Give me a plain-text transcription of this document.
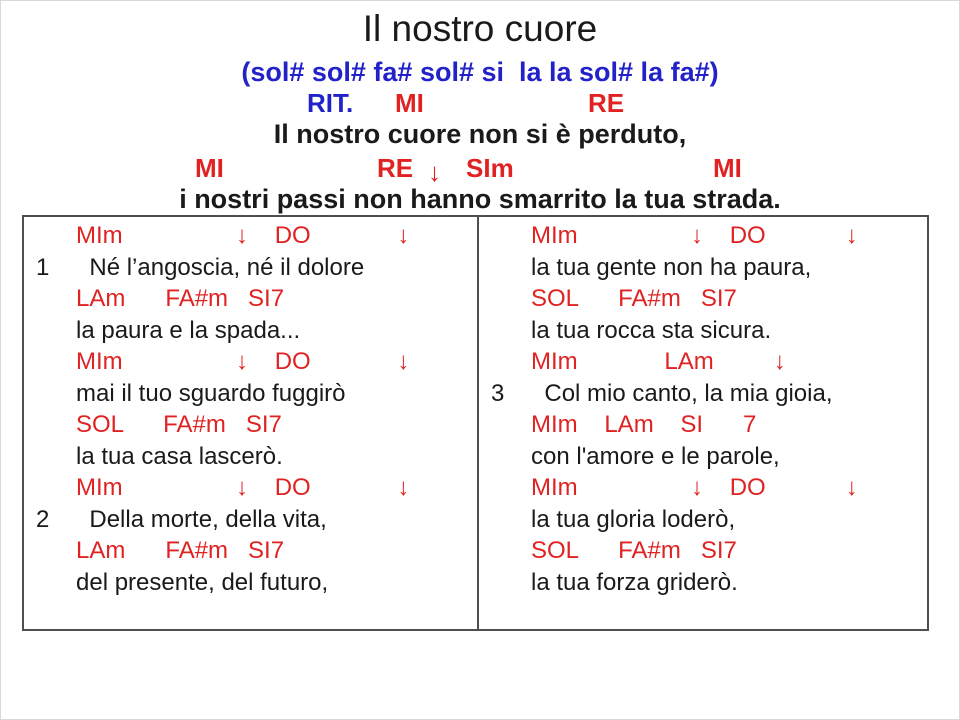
Il nostro cuore
(sol# sol# fa# sol# si  la la sol# la fa#)
RIT. MI	RE
Il nostro cuore non si è perduto,
MI	RE ↓ SIm	MI
i nostri passi non hanno smarrito la tua strada.
MIm                 ↓    DO             ↓
1      Né l’angoscia, né il dolore
LAm      FA#m   SI7
la paura e la spada...
MIm                 ↓    DO             ↓
mai il tuo sguardo fuggirò
SOL      FA#m   SI7
la tua casa lascerò.
MIm                 ↓    DO             ↓
2      Della morte, della vita,
LAm      FA#m   SI7
del presente, del futuro,
MIm                 ↓    DO            ↓
la tua gente non ha paura,
SOL      FA#m   SI7
la tua rocca sta sicura.
MIm             LAm         ↓
3      Col mio canto, la mia gioia,
MIm    LAm    SI      7
con l'amore e le parole,
MIm                 ↓    DO            ↓
la tua gloria loderò,
SOL      FA#m   SI7
la tua forza griderò.
